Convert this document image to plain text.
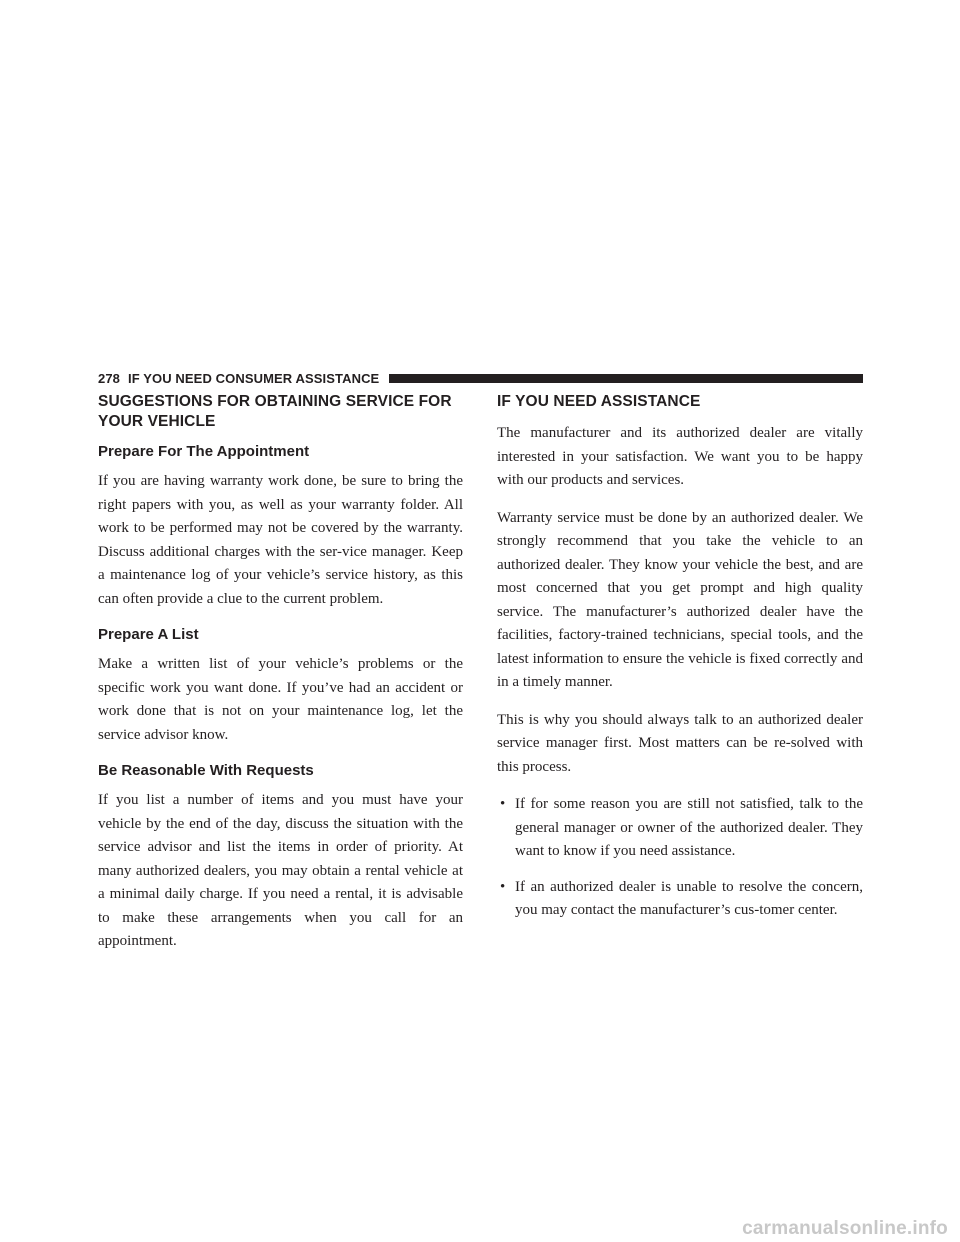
278 IF YOU NEED CONSUMER ASSISTANCE
SUGGESTIONS FOR OBTAINING SERVICE FOR YOUR VEHICLE
Prepare For The Appointment

If you are having warranty work done, be sure to bring the right papers with you, as well as your warranty folder. All work to be performed may not be covered by the warranty. Discuss additional charges with the ser-vice manager. Keep a maintenance log of your vehicle’s service history, as this can often provide a clue to the current problem.

Prepare A List

Make a written list of your vehicle’s problems or the specific work you want done. If you’ve had an accident or work done that is not on your maintenance log, let the service advisor know.

Be Reasonable With Requests

If you list a number of items and you must have your vehicle by the end of the day, discuss the situation with the service advisor and list the items in order of priority. At many authorized dealers, you may obtain a rental vehicle at a minimal daily charge. If you need a rental, it is advisable to make these arrangements when you call for an appointment.

IF YOU NEED ASSISTANCE

The manufacturer and its authorized dealer are vitally interested in your satisfaction. We want you to be happy with our products and services.

Warranty service must be done by an authorized dealer. We strongly recommend that you take the vehicle to an authorized dealer. They know your vehicle the best, and are most concerned that you get prompt and high quality service. The manufacturer’s authorized dealer have the facilities, factory-trained technicians, special tools, and the latest information to ensure the vehicle is fixed correctly and in a timely manner.

This is why you should always talk to an authorized dealer service manager first. Most matters can be re-solved with this process.

• If for some reason you are still not satisfied, talk to the general manager or owner of the authorized dealer. They want to know if you need assistance.
• If an authorized dealer is unable to resolve the concern, you may contact the manufacturer’s cus-tomer center.
carmanualsonline.info
